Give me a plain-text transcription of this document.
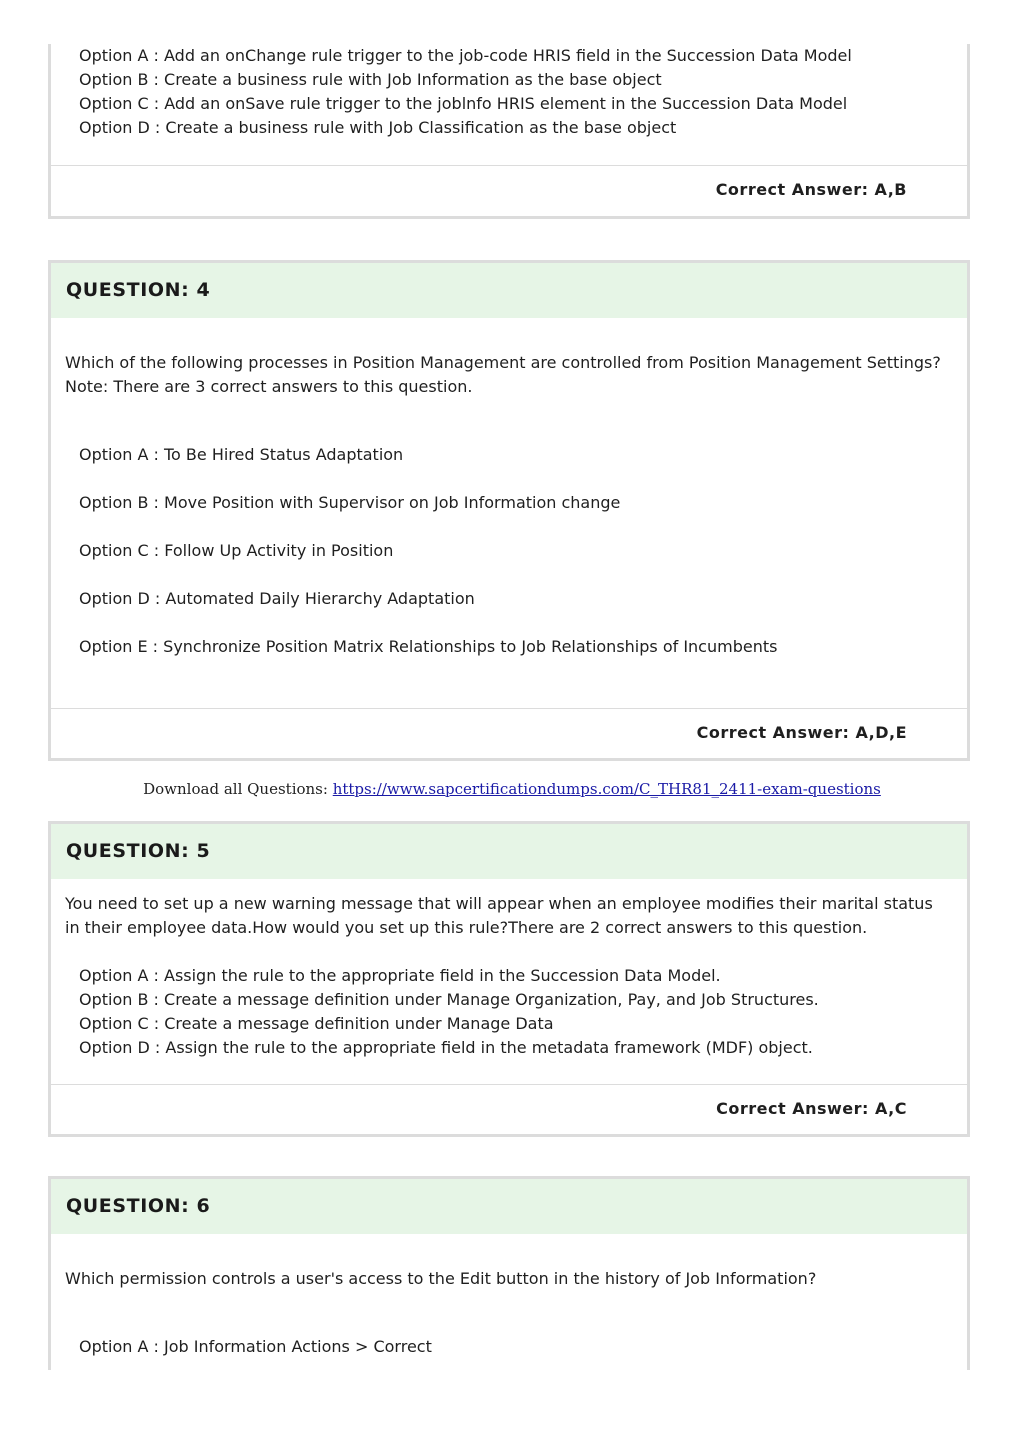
Option A : Add an onChange rule trigger to the job-code HRIS field in the Succession Data Model
Option B : Create a business rule with Job Information as the base object
Option C : Add an onSave rule trigger to the joblnfo HRIS element in the Succession Data Model
Option D : Create a business rule with Job Classification as the base object
Correct Answer: A,B
QUESTION: 4
Which of the following processes in Position Management are controlled from Position Management Settings?
Note: There are 3 correct answers to this question.
Option A : To Be Hired Status Adaptation
Option B : Move Position with Supervisor on Job Information change
Option C : Follow Up Activity in Position
Option D : Automated Daily Hierarchy Adaptation
Option E : Synchronize Position Matrix Relationships to Job Relationships of Incumbents
Correct Answer: A,D,E
Download all Questions: https://www.sapcertificationdumps.com/C_THR81_2411-exam-questions
QUESTION: 5
You need to set up a new warning message that will appear when an employee modifies their marital status
in their employee data.How would you set up this rule?There are 2 correct answers to this question.
Option A : Assign the rule to the appropriate field in the Succession Data Model.
Option B : Create a message definition under Manage Organization, Pay, and Job Structures.
Option C : Create a message definition under Manage Data
Option D : Assign the rule to the appropriate field in the metadata framework (MDF) object.
Correct Answer: A,C
QUESTION: 6
Which permission controls a user's access to the Edit button in the history of Job Information?
Option A : Job Information Actions > Correct
